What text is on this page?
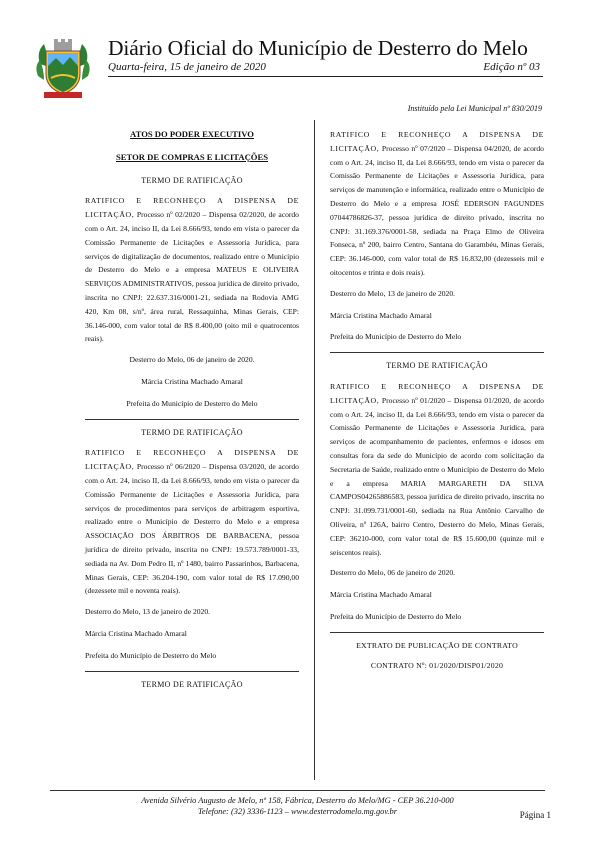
Diário Oficial do Município de Desterro do Melo
Quarta-feira, 15 de janeiro de 2020	Edição nº 03
Instituído pela Lei Municipal nº 830/2019
ATOS DO PODER EXECUTIVO
SETOR DE COMPRAS E LICITAÇÕES
TERMO DE RATIFICAÇÃO
RATIFICO E RECONHEÇO A DISPENSA DE LICITAÇÃO, Processo nº 02/2020 – Dispensa 02/2020, de acordo com o Art. 24, inciso II, da Lei 8.666/93, tendo em vista o parecer da Comissão Permanente de Licitações e Assessoria Jurídica, para serviços de digitalização de documentos, realizado entre o Município de Desterro do Melo e a empresa MATEUS E OLIVEIRA SERVIÇOS ADMINISTRATIVOS, pessoa jurídica de direito privado, inscrita no CNPJ: 22.637.316/0001-21, sediada na Rodovia AMG 420, Km 08, s/nº, área rural, Ressaquinha, Minas Gerais, CEP: 36.146-000, com valor total de R$ 8.400,00 (oito mil e quatrocentos reais).
Desterro do Melo, 06 de janeiro de 2020.
Márcia Cristina Machado Amaral
Prefeita do Município de Desterro do Melo
TERMO DE RATIFICAÇÃO
RATIFICO E RECONHEÇO A DISPENSA DE LICITAÇÃO, Processo nº 06/2020 – Dispensa 03/2020, de acordo com o Art. 24, inciso II, da Lei 8.666/93, tendo em vista o parecer da Comissão Permanente de Licitações e Assessoria Jurídica, para serviços de procedimentos para serviços de arbitragem esportiva, realizado entre o Município de Desterro do Melo e a empresa ASSOCIAÇÃO DOS ÁRBITROS DE BARBACENA, pessoa jurídica de direito privado, inscrita no CNPJ: 19.573.789/0001-33, sediada na Av. Dom Pedro II, nº 1480, bairro Passarinhos, Barbacena, Minas Gerais, CEP: 36.204-190, com valor total de R$ 17.090,00 (dezessete mil e noventa reais).
Desterro do Melo, 13 de janeiro de 2020.
Márcia Cristina Machado Amaral
Prefeita do Município de Desterro do Melo
TERMO DE RATIFICAÇÃO
RATIFICO E RECONHEÇO A DISPENSA DE LICITAÇÃO, Processo nº 07/2020 – Dispensa 04/2020, de acordo com o Art. 24, inciso II, da Lei 8.666/93, tendo em vista o parecer da Comissão Permanente de Licitações e Assessoria Jurídica, para serviços de manutenção e informática, realizado entre o Município de Desterro do Melo e a empresa JOSÉ EDERSON FAGUNDES 07044786826-37, pessoa jurídica de direito privado, inscrita no CNPJ: 31.169.376/0001-58, sediada na Praça Elmo de Oliveira Fonseca, nº 200, bairro Centro, Santana do Garambéu, Minas Gerais, CEP: 36.146-000, com valor total de R$ 16.832,00 (dezesseis mil e oitocentos e trinta e dois reais).
Desterro do Melo, 13 de janeiro de 2020.
Márcia Cristina Machado Amaral
Prefeita do Município de Desterro do Melo
TERMO DE RATIFICAÇÃO
RATIFICO E RECONHEÇO A DISPENSA DE LICITAÇÃO, Processo nº 01/2020 – Dispensa 01/2020, de acordo com o Art. 24, inciso II, da Lei 8.666/93, tendo em vista o parecer da Comissão Permanente de Licitações e Assessoria Jurídica, para serviços de acompanhamento de pacientes, enfermos e idosos em consultas fora da sede do Município de acordo com solicitação da Secretaria de Saúde, realizado entre o Município de Desterro do Melo e a empresa MARIA MARGARETH DA SILVA CAMPOS04265886583, pessoa jurídica de direito privado, inscrita no CNPJ: 31.099.731/0001-60, sediada na Rua Antônio Carvalho de Oliveira, nº 126A, bairro Centro, Desterro do Melo, Minas Gerais, CEP: 36210-000, com valor total de R$ 15.600,00 (quinze mil e seiscentos reais).
Desterro do Melo, 06 de janeiro de 2020.
Márcia Cristina Machado Amaral
Prefeita do Município de Desterro do Melo
EXTRATO DE PUBLICAÇÃO DE CONTRATO
CONTRATO Nº: 01/2020/DISP01/2020
Avenida Silvério Augusto de Melo, nº 158, Fábrica, Desterro do Melo/MG - CEP 36.210-000
Telefone: (32) 3336-1123 – www.desterrodomelo.mg.gov.br	Página 1
